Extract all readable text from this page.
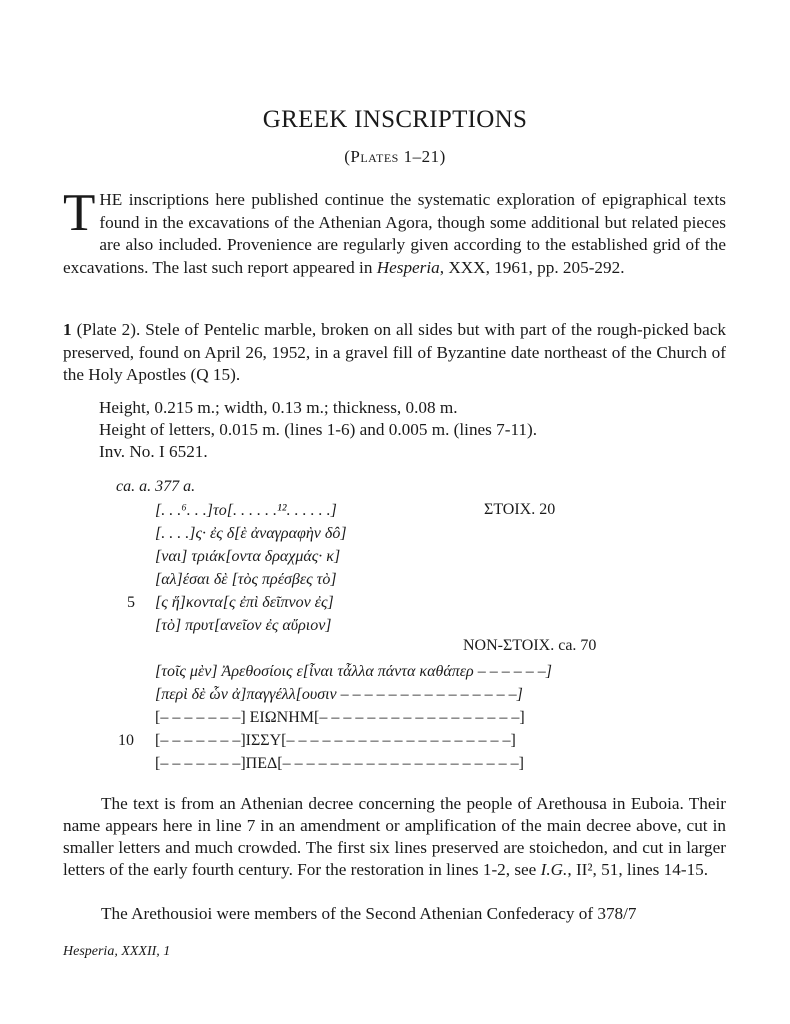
GREEK INSCRIPTIONS
(Plates 1–21)
THE inscriptions here published continue the systematic exploration of epigraphical texts found in the excavations of the Athenian Agora, though some additional but related pieces are also included. Provenience are regularly given according to the established grid of the excavations. The last such report appeared in Hesperia, XXX, 1961, pp. 205-292.
1 (Plate 2). Stele of Pentelic marble, broken on all sides but with part of the rough-picked back preserved, found on April 26, 1952, in a gravel fill of Byzantine date northeast of the Church of the Holy Apostles (Q 15).
Height, 0.215 m.; width, 0.13 m.; thickness, 0.08 m.
Height of letters, 0.015 m. (lines 1-6) and 0.005 m. (lines 7-11).
Inv. No. I 6521.
ca. a. 377 a.
ΣΤΟΙΧ. 20
[. . .⁶. . .]το[. . . . . .¹². . . . . .]
[. . . .]ς· ἐς δ[ὲ ἀναγραφὴν δô]
[ναι] τριάκ[οντα δραχμάς· κ]
[αλ]έσαι δὲ [τὸς πρέσβες τὸ]
5 [ς ἥ]κοντα[ς ἐπὶ δεῖπνον ἐς]
[τὸ] πρυτ[ανεῖον ἐς αὔριον]
NON-ΣΤΟΙΧ. ca. 70
[τοῖς μὲν] Ἀρεθοσίοις ε[ἶναι τἆλλα πάντα καθάπερ – – – – – –]
[περὶ δὲ ὧν ἀ]παγγέλλ[ουσιν – – – – – – – – – – – – – – –]
[– – – – – – –] ΕΙΩΝΗΜ[– – – – – – – – – – – – – – – – –]
10 [– – – – – – –]ΙΣΣΥ[– – – – – – – – – – – – – – – – – – –]
[– – – – – – –]ΠΕΔ[– – – – – – – – – – – – – – – – – – – –]
The text is from an Athenian decree concerning the people of Arethousa in Euboia. Their name appears here in line 7 in an amendment or amplification of the main decree above, cut in smaller letters and much crowded. The first six lines preserved are stoichedon, and cut in larger letters of the early fourth century. For the restoration in lines 1-2, see I.G., II², 51, lines 14-15.
The Arethousioi were members of the Second Athenian Confederacy of 378/7
Hesperia, XXXII, 1
